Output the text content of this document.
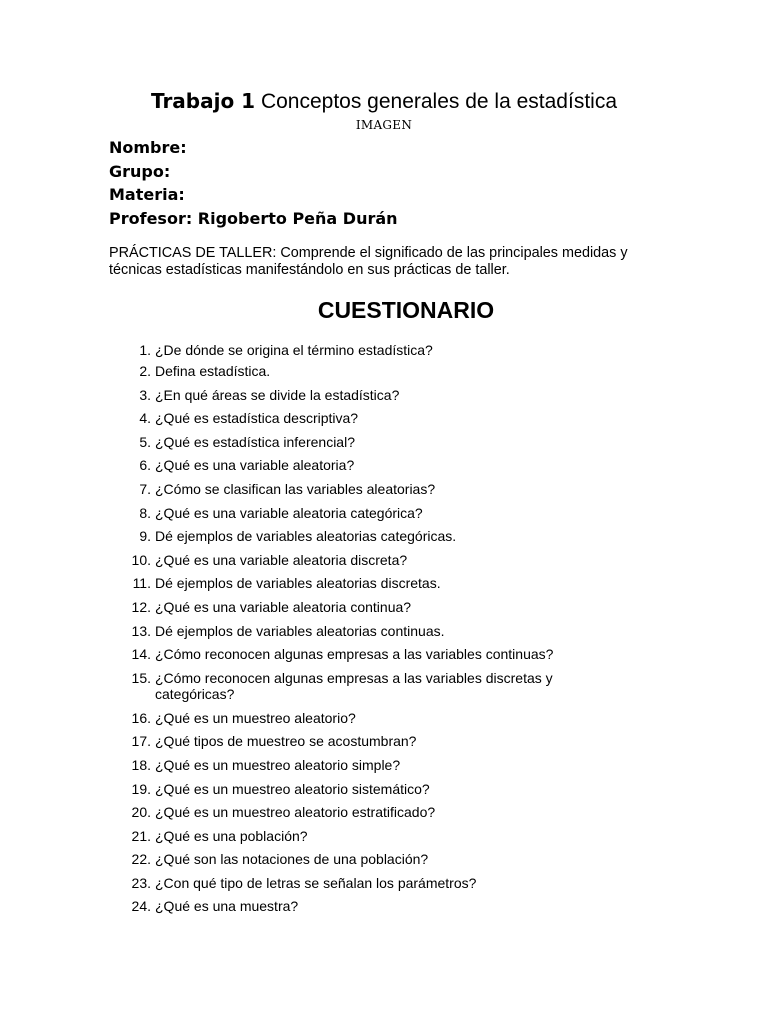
Trabajo 1 Conceptos generales de la estadística
IMAGEN
Nombre:
Grupo:
Materia:
Profesor: Rigoberto Peña Durán
PRÁCTICAS DE TALLER: Comprende el significado de las principales medidas y técnicas estadísticas manifestándolo en sus prácticas de taller.
CUESTIONARIO
1. ¿De dónde se origina el término estadística?
2. Defina estadística.
3. ¿En qué áreas se divide la estadística?
4. ¿Qué es estadística descriptiva?
5. ¿Qué es estadística inferencial?
6. ¿Qué es una variable aleatoria?
7. ¿Cómo se clasifican las variables aleatorias?
8. ¿Qué es una variable aleatoria categórica?
9. Dé ejemplos de variables aleatorias categóricas.
10. ¿Qué es una variable aleatoria discreta?
11. Dé ejemplos de variables aleatorias discretas.
12. ¿Qué es una variable aleatoria continua?
13. Dé ejemplos de variables aleatorias continuas.
14. ¿Cómo reconocen algunas empresas a las variables continuas?
15. ¿Cómo reconocen algunas empresas a las variables discretas y categóricas?
16. ¿Qué es un muestreo aleatorio?
17. ¿Qué tipos de muestreo se acostumbran?
18. ¿Qué es un muestreo aleatorio simple?
19. ¿Qué es un muestreo aleatorio sistemático?
20. ¿Qué es un muestreo aleatorio estratificado?
21. ¿Qué es una población?
22. ¿Qué son las notaciones de una población?
23. ¿Con qué tipo de letras se señalan los parámetros?
24. ¿Qué es una muestra?
